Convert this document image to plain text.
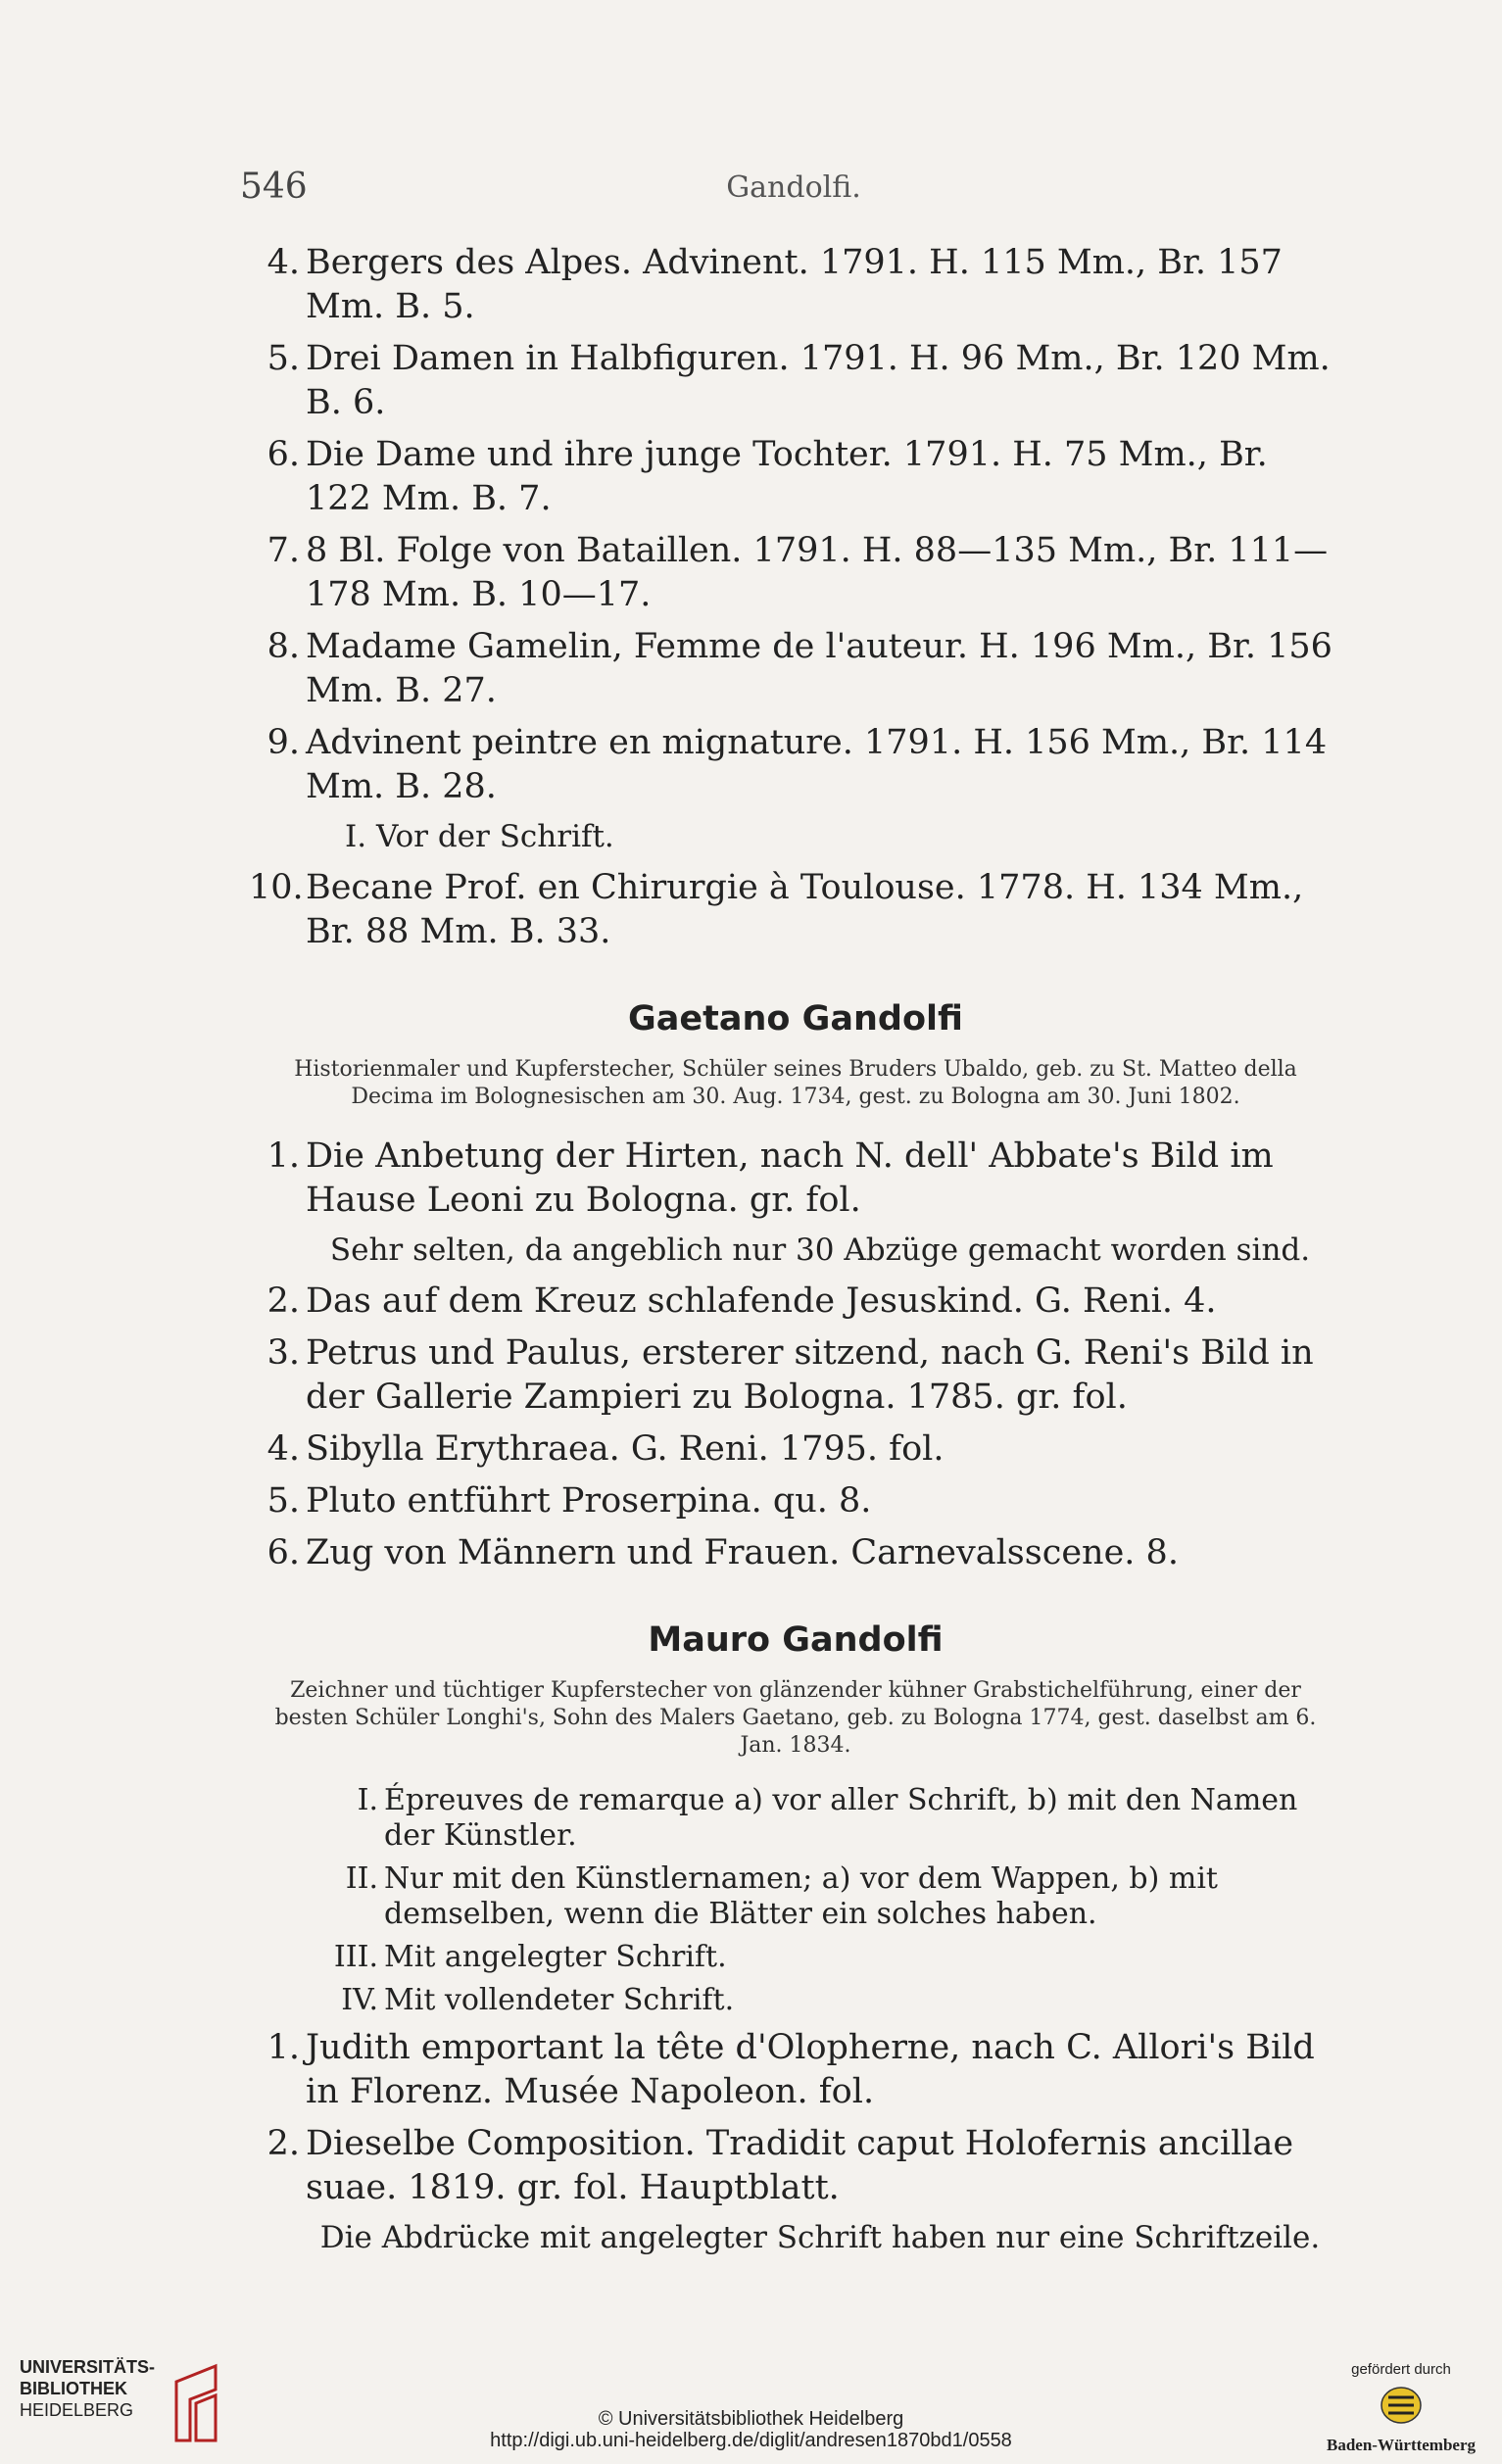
546	Gandolfi.
4. Bergers des Alpes. Advinent. 1791. H. 115 Mm., Br. 157 Mm. B. 5.
5. Drei Damen in Halbfiguren. 1791. H. 96 Mm., Br. 120 Mm. B. 6.
6. Die Dame und ihre junge Tochter. 1791. H. 75 Mm., Br. 122 Mm. B. 7.
7. 8 Bl. Folge von Bataillen. 1791. H. 88—135 Mm., Br. 111—178 Mm. B. 10—17.
8. Madame Gamelin, Femme de l'auteur. H. 196 Mm., Br. 156 Mm. B. 27.
9. Advinent peintre en mignature. 1791. H. 156 Mm., Br. 114 Mm. B. 28.
I. Vor der Schrift.
10. Becane Prof. en Chirurgie à Toulouse. 1778. H. 134 Mm., Br. 88 Mm. B. 33.
Gaetano Gandolfi
Historienmaler und Kupferstecher, Schüler seines Bruders Ubaldo, geb. zu St. Matteo della Decima im Bolognesischen am 30. Aug. 1734, gest. zu Bologna am 30. Juni 1802.
1. Die Anbetung der Hirten, nach N. dell' Abbate's Bild im Hause Leoni zu Bologna. gr. fol.
Sehr selten, da angeblich nur 30 Abzüge gemacht worden sind.
2. Das auf dem Kreuz schlafende Jesuskind. G. Reni. 4.
3. Petrus und Paulus, ersterer sitzend, nach G. Reni's Bild in der Gallerie Zampieri zu Bologna. 1785. gr. fol.
4. Sibylla Erythraea. G. Reni. 1795. fol.
5. Pluto entführt Proserpina. qu. 8.
6. Zug von Männern und Frauen. Carnevalsscene. 8.
Mauro Gandolfi
Zeichner und tüchtiger Kupferstecher von glänzender kühner Grabstichelführung, einer der besten Schüler Longhi's, Sohn des Malers Gaetano, geb. zu Bologna 1774, gest. daselbst am 6. Jan. 1834.
I. Épreuves de remarque a) vor aller Schrift, b) mit den Namen der Künstler.
II. Nur mit den Künstlernamen; a) vor dem Wappen, b) mit demselben, wenn die Blätter ein solches haben.
III. Mit angelegter Schrift.
IV. Mit vollendeter Schrift.
1. Judith emportant la tête d'Olopherne, nach C. Allori's Bild in Florenz. Musée Napoleon. fol.
2. Dieselbe Composition. Tradidit caput Holofernis ancillae suae. 1819. gr. fol. Hauptblatt.
Die Abdrücke mit angelegter Schrift haben nur eine Schriftzeile.
UNIVERSITÄTS-
BIBLIOTHEK
HEIDELBERG	© Universitätsbibliothek Heidelberg
http://digi.ub.uni-heidelberg.de/diglit/andresen1870bd1/0558
gefördert durch
Baden-Württemberg
